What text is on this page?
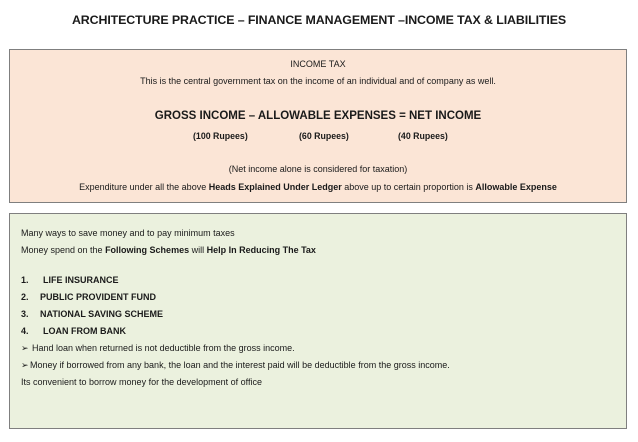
ARCHITECTURE PRACTICE – FINANCE MANAGEMENT –INCOME TAX & LIABILITIES
INCOME TAX
This is the central government tax on the income of an individual and of company as well.
GROSS INCOME – ALLOWABLE EXPENSES = NET INCOME
(100 Rupees)	(60 Rupees)	(40 Rupees)
(Net income alone is considered for taxation)
Expenditure under all the above Heads Explained Under Ledger above up to certain proportion is Allowable Expense
Many ways to save money and to pay minimum taxes
Money spend on the Following Schemes will Help In Reducing The Tax
1. LIFE INSURANCE
2. PUBLIC PROVIDENT FUND
3. NATIONAL SAVING SCHEME
4. LOAN FROM BANK
➢ Hand loan when returned is not deductible from the gross income.
➢Money if borrowed from any bank, the loan and the interest paid will be deductible from the gross income.
Its convenient to borrow money for the development of office
